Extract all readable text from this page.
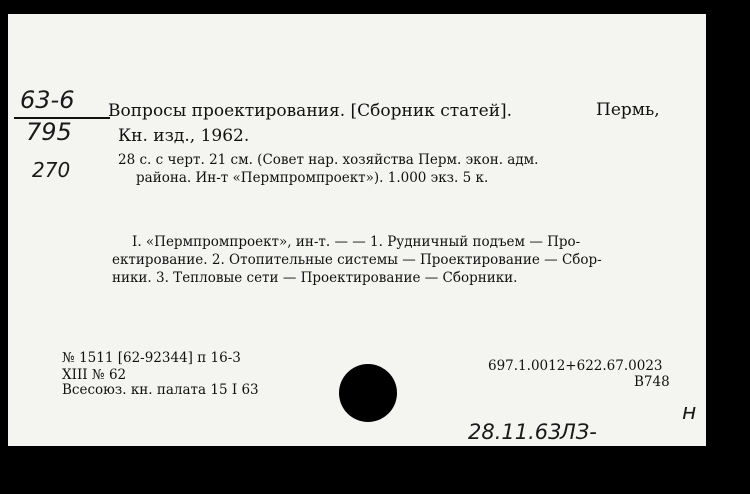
63-6
795
270
Вопросы проектирования. [Сборник статей].	Пермь,
Кн. изд., 1962.
28 с. с черт. 21 см. (Совет нар. хозяйства Перм. экон. адм.
района. Ин-т «Пермпромпроект»). 1.000 экз. 5 к.
I. «Пермпромпроект», ин-т. — — 1. Рудничный подъем — Про-
ектирование. 2. Отопительные системы — Проектирование — Сбор-
ники. 3. Тепловые сети — Проектирование — Сборники.
№ 1511 [62-92344] п 16-3
XIII № 62
Всесоюз. кн. палата 15 I 63
697.1.0012+622.67.0023
В748
28.11.63
ЛЗ-
н
